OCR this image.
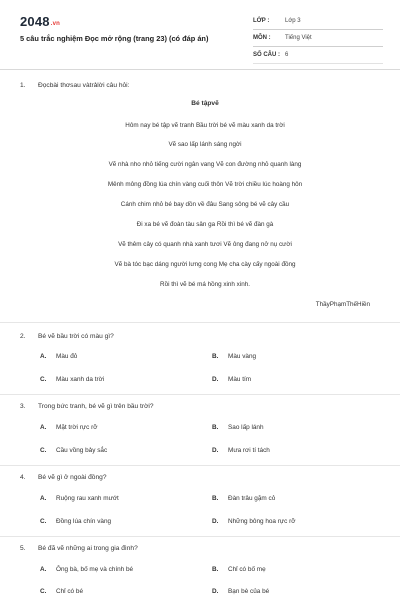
2048.vn
5 câu trắc nghiệm Đọc mở rộng (trang 23) (có đáp án)
LỚP :	Lớp 3
MÔN :	Tiếng Việt
SỐ CÂU : 6
1. Đọcbài thơsau vàtrảlời câu hỏi:
Bé tậpvẽ
Hôm nay bé tập vẽ tranh Bầu trời bé vẽ màu xanh da trời
Vẽ sao lấp lánh sáng ngời
Vẽ nhà nho nhỏ tiếng cười ngân vang Vẽ con đường nhỏ quanh làng
Mênh mông đồng lúa chín vàng cuối thôn Vẽ trời chiều lúc hoàng hôn
Cánh chim nhỏ bé bay dồn về đâu Sang sông bé vẽ cây cầu
Đi xa bé vẽ đoàn tàu sân ga Rồi thì bé vẽ đàn gà
Vẽ thêm cây có quanh nhà xanh tươi Vẽ ông đang nở nụ cười
Vẽ bà tóc bạc dáng người lưng cong Mẹ cha cày cấy ngoài đồng
Rồi thì vẽ bé má hồng xinh xinh.
ThầyPhạmThếHiền
2. Bé vẽ bầu trời có màu gì?
A. Màu đỏ	B. Màu vàng
C. Màu xanh da trời	D. Màu tím
3. Trong bức tranh, bé vẽ gì trên bầu trời?
A. Mặt trời rực rỡ	B. Sao lấp lánh
C. Cầu vồng bảy sắc	D. Mưa rơi tí tách
4. Bé vẽ gì ở ngoài đồng?
A. Ruộng rau xanh mướt	B. Đàn trâu gặm cỏ
C. Đồng lúa chín vàng	D. Những bông hoa rực rỡ
5. Bé đã vẽ những ai trong gia đình?
A. Ông bà, bố mẹ và chính bé	B. Chỉ có bố mẹ
C. Chỉ có bé	D. Bạn bè của bé
